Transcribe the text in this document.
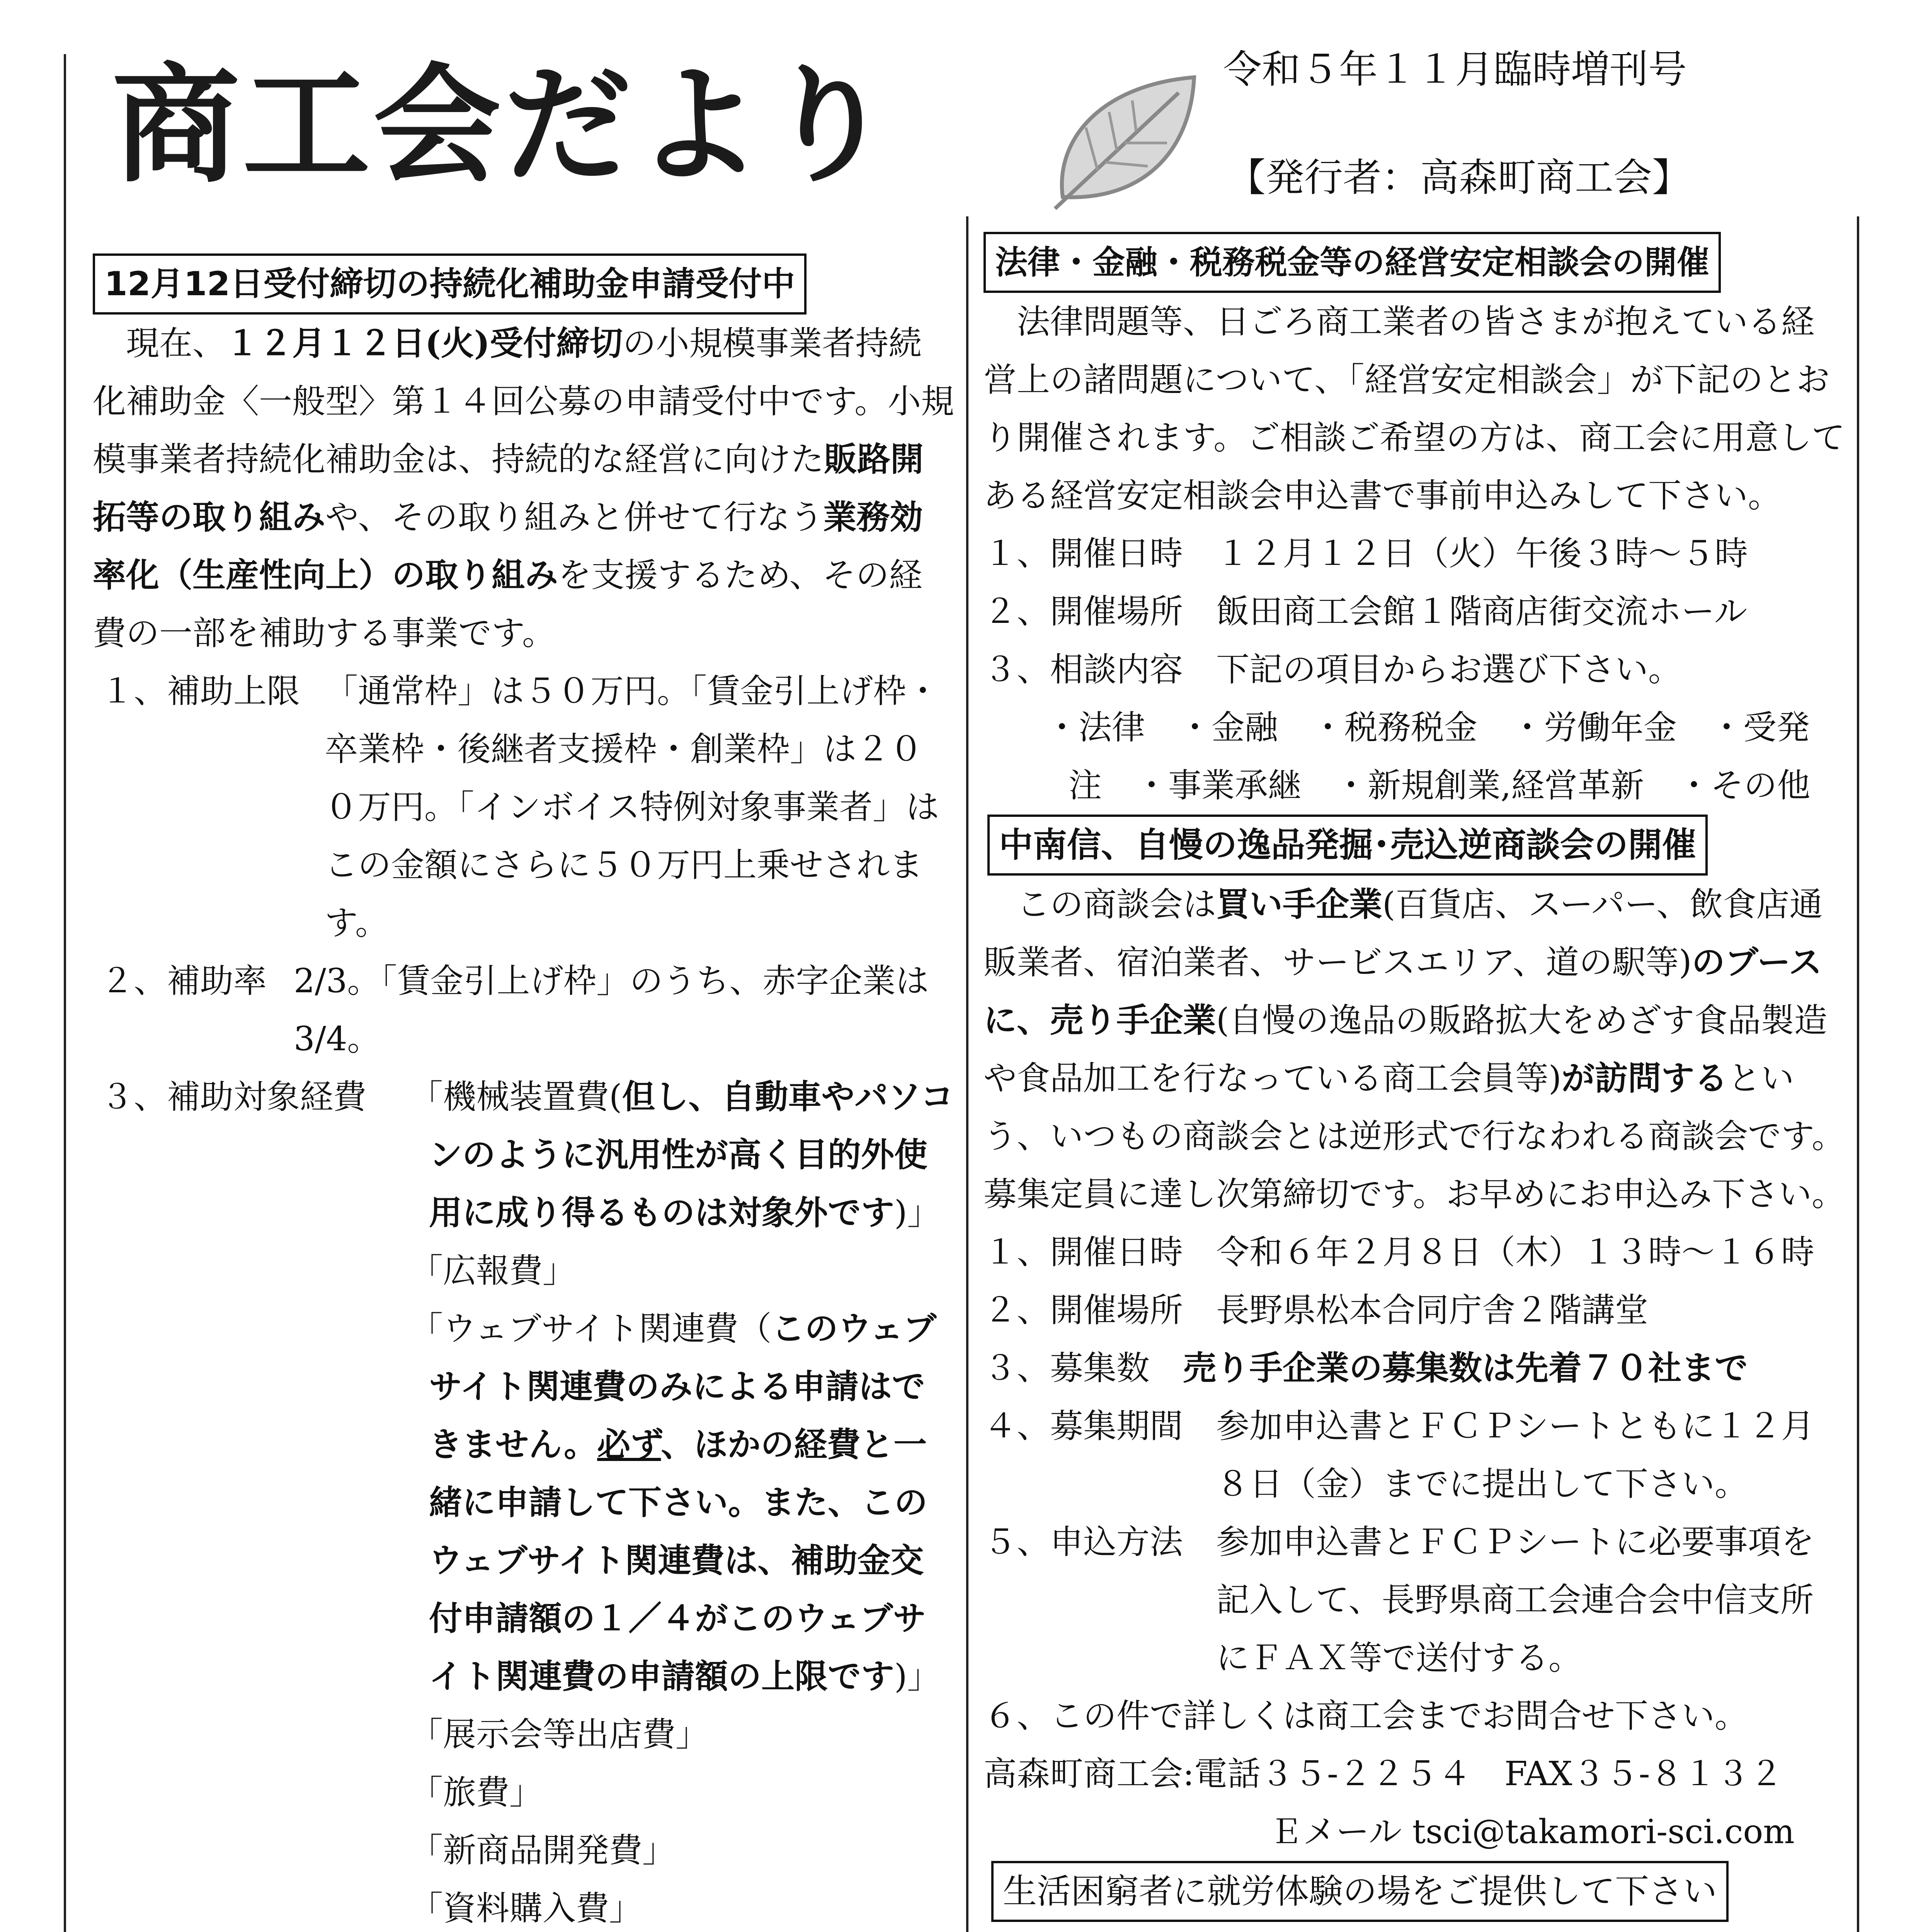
商工会だより	令和５年１１月臨時増刊号
【発行者：高森町商工会】
12月12日受付締切の持続化補助金申請受付中

現在、１２月１２日(火)受付締切の小規模事業者持続化補助金〈一般型〉第１４回公募の申請受付中です。小規模事業者持続化補助金は、持続的な経営に向けた販路開拓等の取り組みや、その取り組みと併せて行なう業務効率化（生産性向上）の取り組みを支援するため、その経費の一部を補助する事業です。

１、補助上限 「通常枠」は５０万円。「賃金引上げ枠・卒業枠・後継者支援枠・創業枠」は２００万円。「インボイス特例対象事業者」はこの金額にさらに５０万円上乗せされます。
２、補助率 2/3。「賃金引上げ枠」のうち、赤字企業は3/4。
３、補助対象経費 「機械装置費(但し、自動車やパソコンのように汎用性が高く目的外使用に成り得るものは対象外です)」
「広報費」
「ウェブサイト関連費（このウェブサイト関連費のみによる申請はできません。必ず、ほかの経費と一緒に申請して下さい。また、このウェブサイト関連費は、補助金交付申請額の１／４がこのウェブサイト関連費の申請額の上限です)」
「展示会等出店費」
「旅費」
「新商品開発費」
「資料購入費」

法律・金融・税務税金等の経営安定相談会の開催

法律問題等、日ごろ商工業者の皆さまが抱えている経営上の諸問題について、「経営安定相談会」が下記のとおり開催されます。ご相談ご希望の方は、商工会に用意してある経営安定相談会申込書で事前申込みして下さい。

１、開催日時　１２月１２日（火）午後３時～５時
２、開催場所　飯田商工会館１階商店街交流ホール
３、相談内容　下記の項目からお選び下さい。
・法律　・金融　・税務税金　・労働年金　・受発
注　・事業承継　・新規創業,経営革新　・その他
中南信、自慢の逸品発掘･売込逆商談会の開催

この商談会は買い手企業(百貨店、スーパー、飲食店通販業者、宿泊業者、サービスエリア、道の駅等)のブースに、売り手企業(自慢の逸品の販路拡大をめざす食品製造や食品加工を行なっている商工会員等)が訪問するという、いつもの商談会とは逆形式で行なわれる商談会です。募集定員に達し次第締切です。お早めにお申込み下さい。

１、開催日時　令和６年２月８日（木）１３時～１６時
２、開催場所　長野県松本合同庁舎２階講堂
３、募集数　売り手企業の募集数は先着７０社まで
４、募集期間　 参加申込書とＦＣＰシートともに１２月８日（金）までに提出して下さい。
５、申込方法　 参加申込書とＦＣＰシートに必要事項を記入して、長野県商工会連合会中信支所にＦＡＸ等で送付する。
６、この件で詳しくは商工会までお問合せ下さい。
高森町商工会:電話３５-２２５４　FAX３５-８１３２
Ｅメール tsci@takamori-sci.com
生活困窮者に就労体験の場をご提供して下さい
